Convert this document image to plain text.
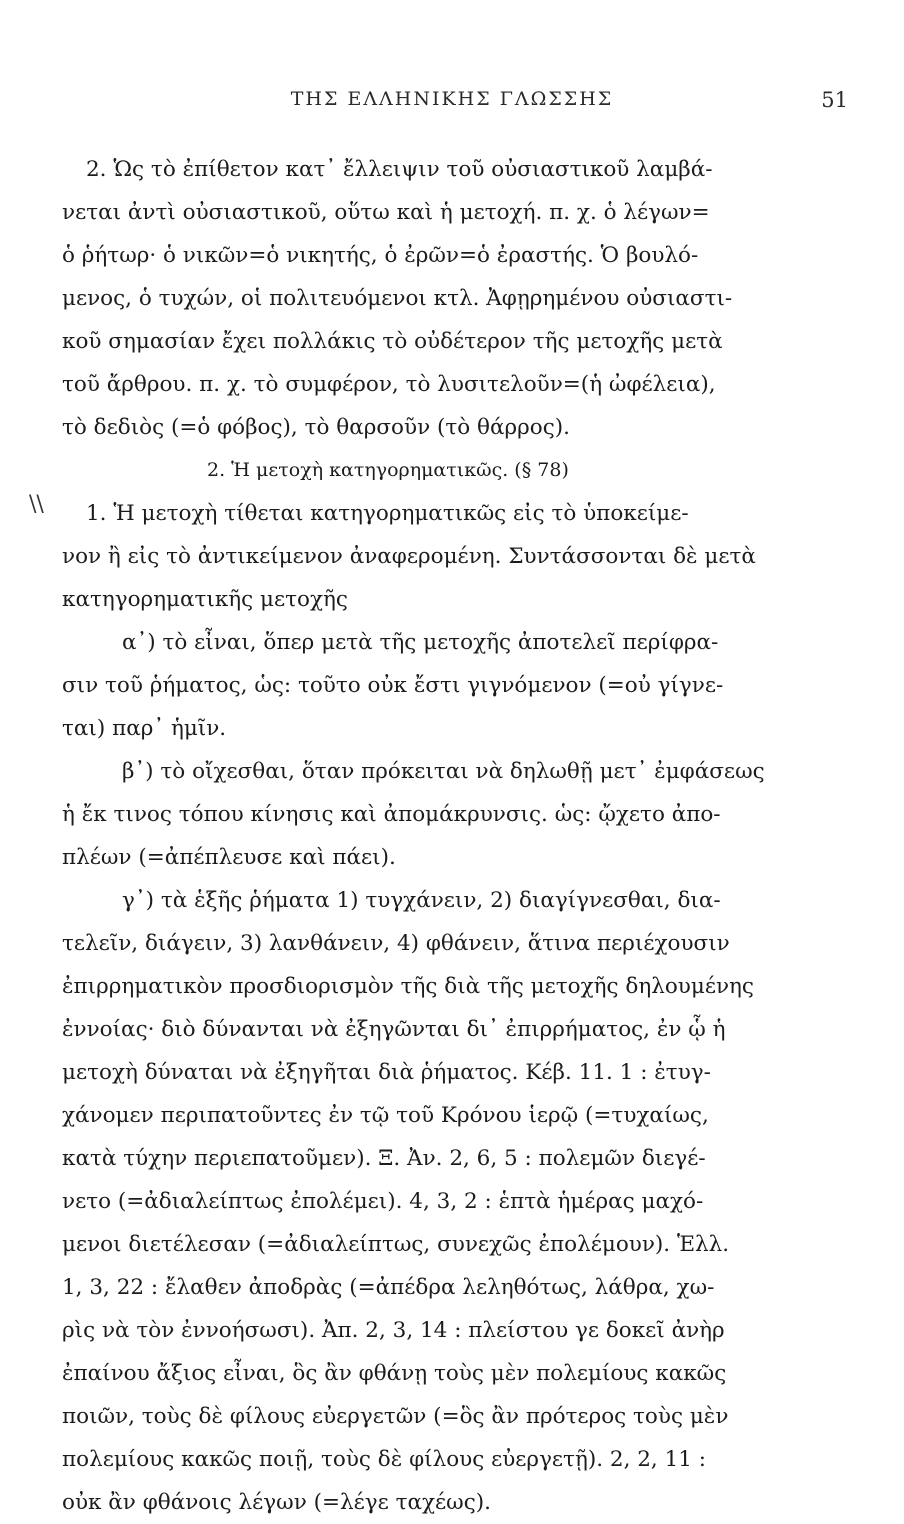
ΤΗΣ ΕΛΛΗΝΙΚΗΣ ΓΛΩΣΣΗΣ	51
2. Ὡς τὸ ἐπίθετον κατ᾽ ἔλλειψιν τοῦ οὐσιαστικοῦ λαμβά-
νεται ἀντὶ οὐσιαστικοῦ, οὕτω καὶ ἡ μετοχή. π. χ. ὁ λέγων=
ὁ ῥήτωρ· ὁ νικῶν=ὁ νικητής, ὁ ἐρῶν=ὁ ἐραστής. Ὁ βουλό-
μενος, ὁ τυχών, οἱ πολιτευόμενοι κτλ. Ἀφῃρημένου οὐσιαστι-
κοῦ σημασίαν ἔχει πολλάκις τὸ οὐδέτερον τῆς μετοχῆς μετὰ
τοῦ ἄρθρου. π. χ. τὸ συμφέρον, τὸ λυσιτελοῦν=(ἡ ὠφέλεια),
τὸ δεδιὸς (=ὁ φόβος), τὸ θαρσοῦν (τὸ θάρρος).
2. Ἡ μετοχὴ κατηγορηματικῶς. (§ 78)
\\	1. Ἡ μετοχὴ τίθεται κατηγορηματικῶς εἰς τὸ ὑποκείμε-
νον ἢ εἰς τὸ ἀντικείμενον ἀναφερομένη. Συντάσσονται δὲ μετὰ
κατηγορηματικῆς μετοχῆς
α᾽) τὸ εἶναι, ὅπερ μετὰ τῆς μετοχῆς ἀποτελεῖ περίφρα-
σιν τοῦ ῥήματος, ὡς: τοῦτο οὐκ ἔστι γιγνόμενον (=οὐ γίγνε-
ται) παρ᾽ ἡμῖν.
β᾽) τὸ οἴχεσθαι, ὅταν πρόκειται νὰ δηλωθῇ μετ᾽ ἐμφάσεως
ἡ ἔκ τινος τόπου κίνησις καὶ ἀπομάκρυνσις. ὡς: ᾤχετο ἀπο-
πλέων (=ἀπέπλευσε καὶ πάει).
γ᾽) τὰ ἑξῆς ῥήματα 1) τυγχάνειν, 2) διαγίγνεσθαι, δια-
τελεῖν, διάγειν, 3) λανθάνειν, 4) φθάνειν, ἅτινα περιέχουσιν
ἐπιρρηματικὸν προσδιορισμὸν τῆς διὰ τῆς μετοχῆς δηλουμένης
ἐννοίας· διὸ δύνανται νὰ ἐξηγῶνται δι᾽ ἐπιρρήματος, ἐν ᾧ ἡ
μετοχὴ δύναται νὰ ἐξηγῆται διὰ ῥήματος. Κέβ. 11. 1 : ἐτυγ-
χάνομεν περιπατοῦντες ἐν τῷ τοῦ Κρόνου ἱερῷ (=τυχαίως,
κατὰ τύχην περιεπατοῦμεν). Ξ. Ἀν. 2, 6, 5 : πολεμῶν διεγέ-
νετο (=ἀδιαλείπτως ἐπολέμει). 4, 3, 2 : ἑπτὰ ἡμέρας μαχό-
μενοι διετέλεσαν (=ἀδιαλείπτως, συνεχῶς ἐπολέμουν). Ἑλλ.
1, 3, 22 : ἔλαθεν ἀποδρὰς (=ἀπέδρα λεληθότως, λάθρα, χω-
ρὶς νὰ τὸν ἐννοήσωσι). Ἀπ. 2, 3, 14 : πλείστου γε δοκεῖ ἀνὴρ
ἐπαίνου ἄξιος εἶναι, ὃς ἂν φθάνῃ τοὺς μὲν πολεμίους κακῶς
ποιῶν, τοὺς δὲ φίλους εὐεργετῶν (=ὃς ἂν πρότερος τοὺς μὲν
πολεμίους κακῶς ποιῇ, τοὺς δὲ φίλους εὐεργετῇ). 2, 2, 11 :
οὐκ ἂν φθάνοις λέγων (=λέγε ταχέως).
